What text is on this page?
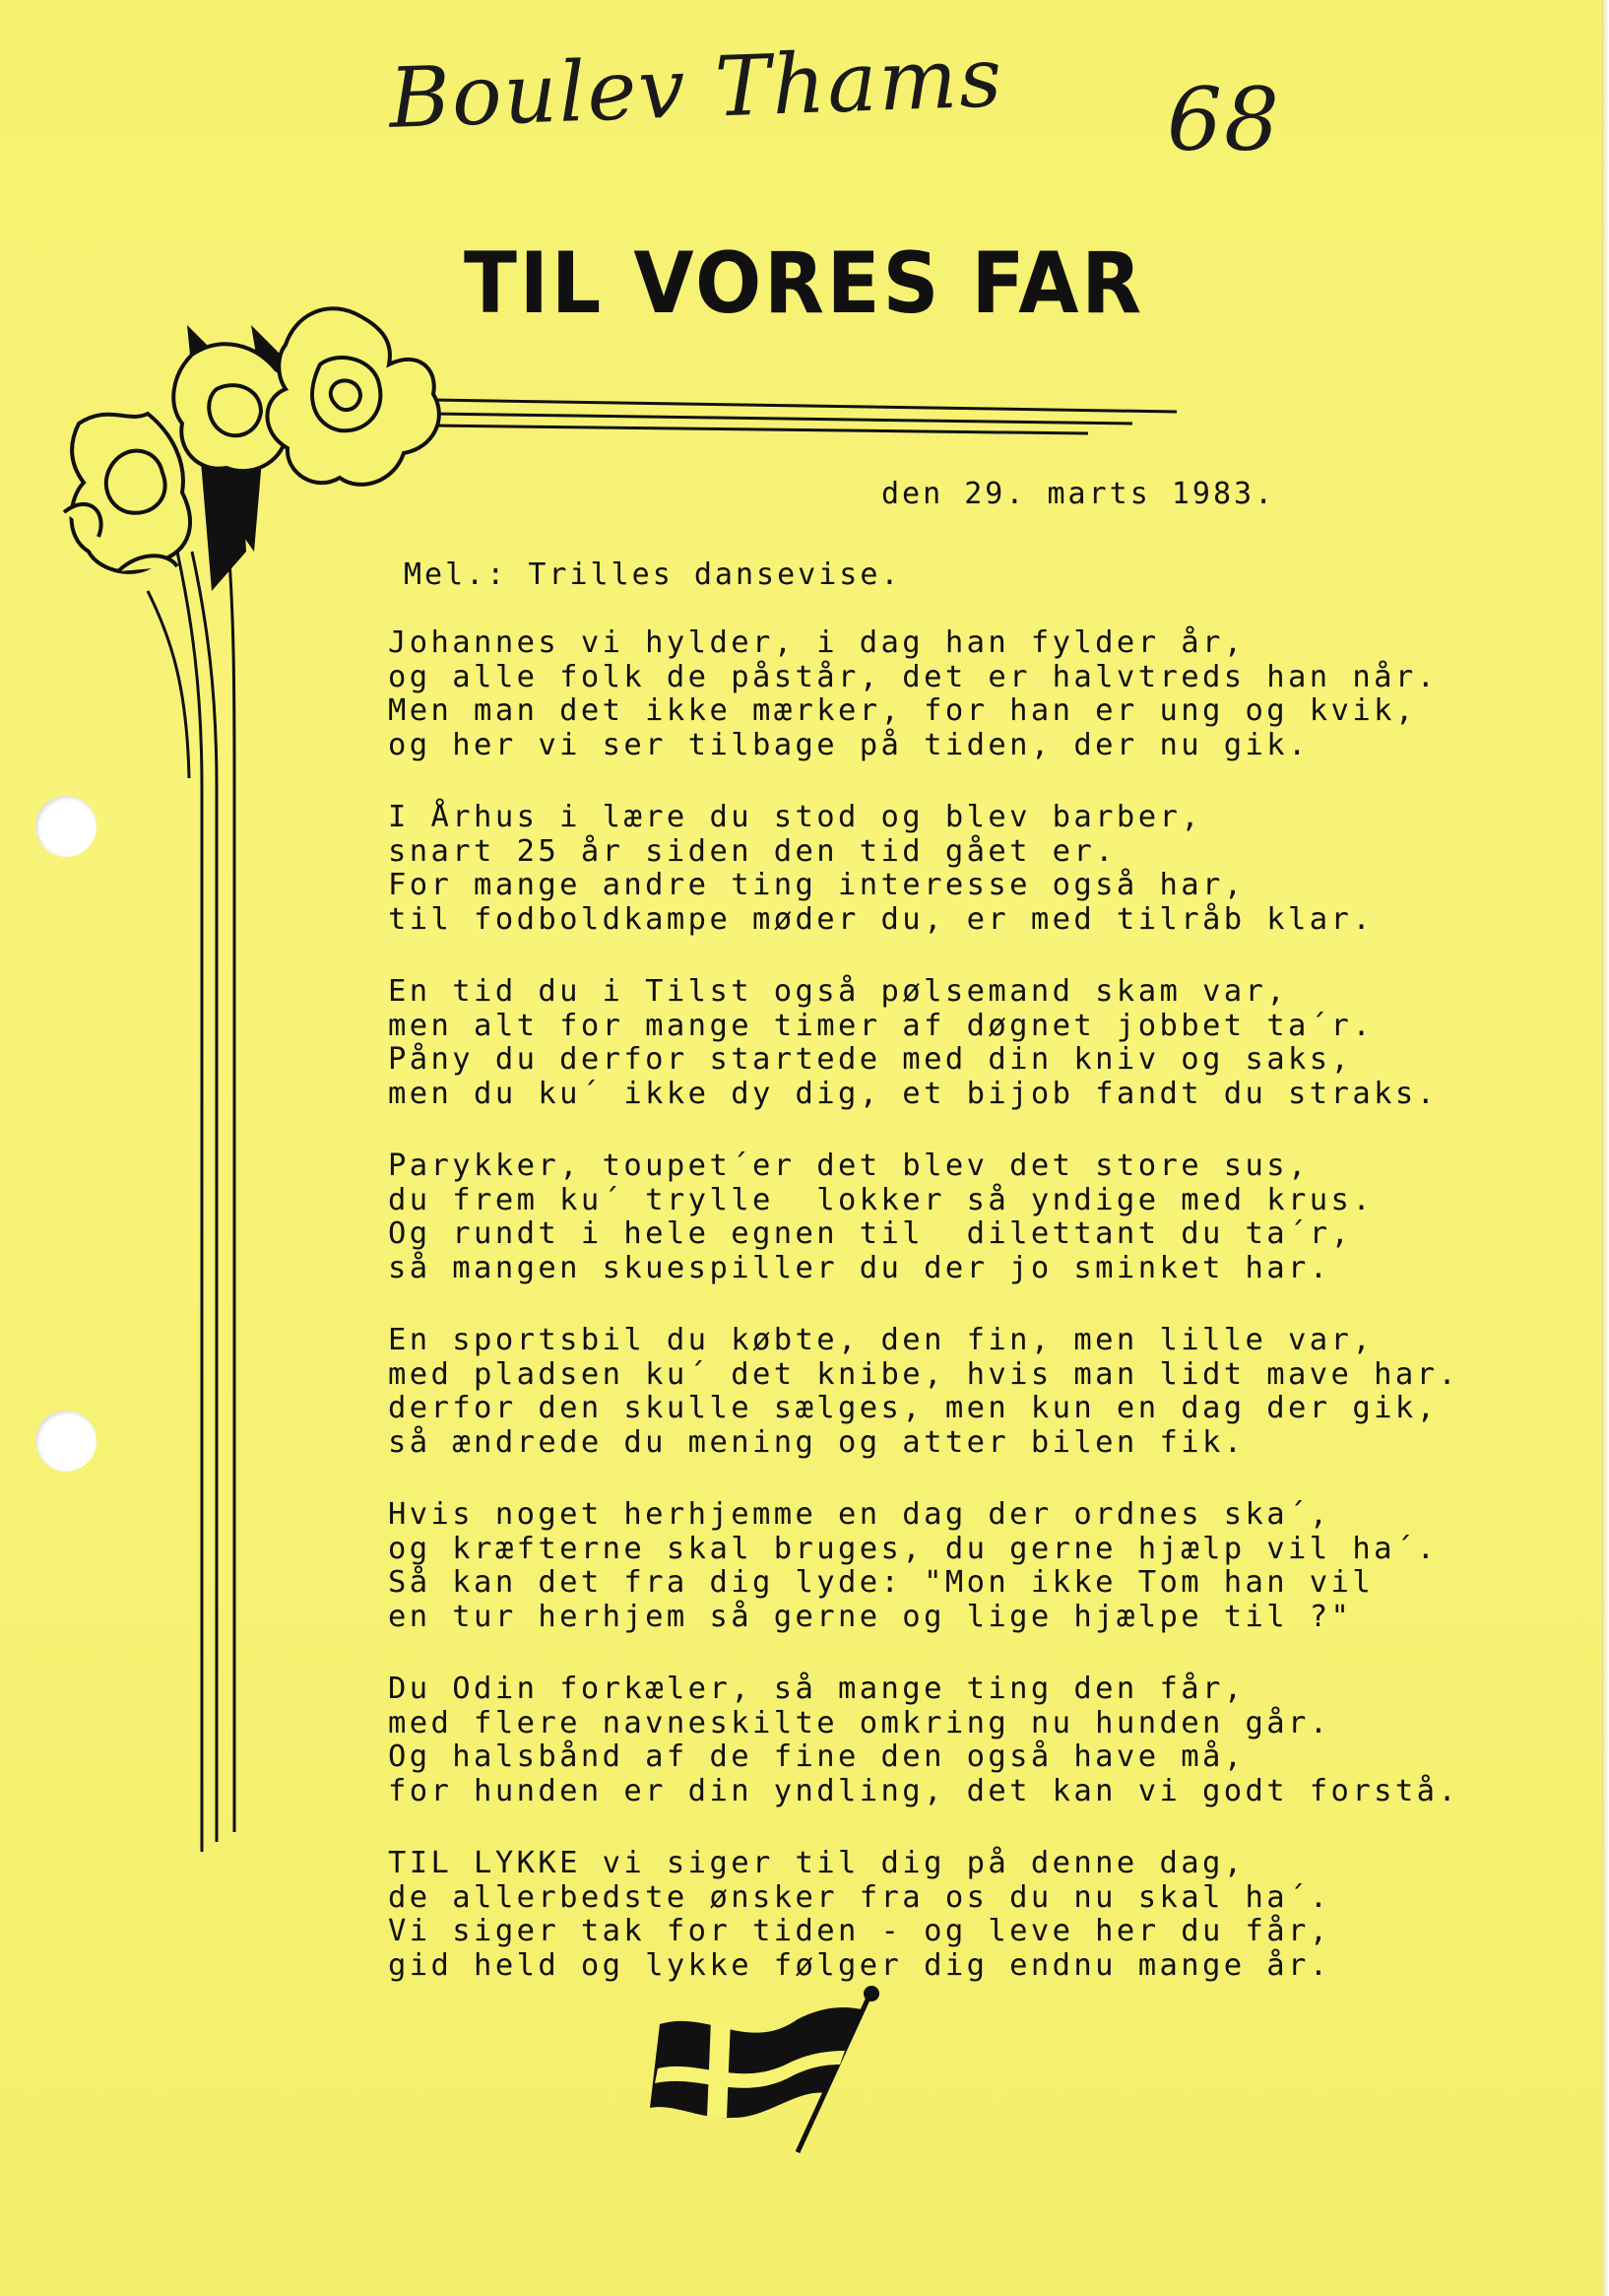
Boulev Thams 68
TIL VORES FAR
den 29. marts 1983.
Mel.: Trilles dansevise.
Johannes vi hylder, i dag han fylder år,
og alle folk de påstår, det er halvtreds han når.
Men man det ikke mærker, for han er ung og kvik,
og her vi ser tilbage på tiden, der nu gik.
I Århus i lære du stod og blev barber,
snart 25 år siden den tid gået er.
For mange andre ting interesse også har,
til fodboldkampe møder du, er med tilråb klar.
En tid du i Tilst også pølsemand skam var,
men alt for mange timer af døgnet jobbet ta´r.
Påny du derfor startede med din kniv og saks,
men du ku´ ikke dy dig, et bijob fandt du straks.
Parykker, toupet´er det blev det store sus,
du frem ku´ trylle  lokker så yndige med krus.
Og rundt i hele egnen til  dilettant du ta´r,
så mangen skuespiller du der jo sminket har.
En sportsbil du købte, den fin, men lille var,
med pladsen ku´ det knibe, hvis man lidt mave har.
derfor den skulle sælges, men kun en dag der gik,
så ændrede du mening og atter bilen fik.
Hvis noget herhjemme en dag der ordnes ska´,
og kræfterne skal bruges, du gerne hjælp vil ha´.
Så kan det fra dig lyde: "Mon ikke Tom han vil
en tur herhjem så gerne og lige hjælpe til ?"
Du Odin forkæler, så mange ting den får,
med flere navneskilte omkring nu hunden går.
Og halsbånd af de fine den også have må,
for hunden er din yndling, det kan vi godt forstå.
TIL LYKKE vi siger til dig på denne dag,
de allerbedste ønsker fra os du nu skal ha´.
Vi siger tak for tiden - og leve her du får,
gid held og lykke følger dig endnu mange år.
